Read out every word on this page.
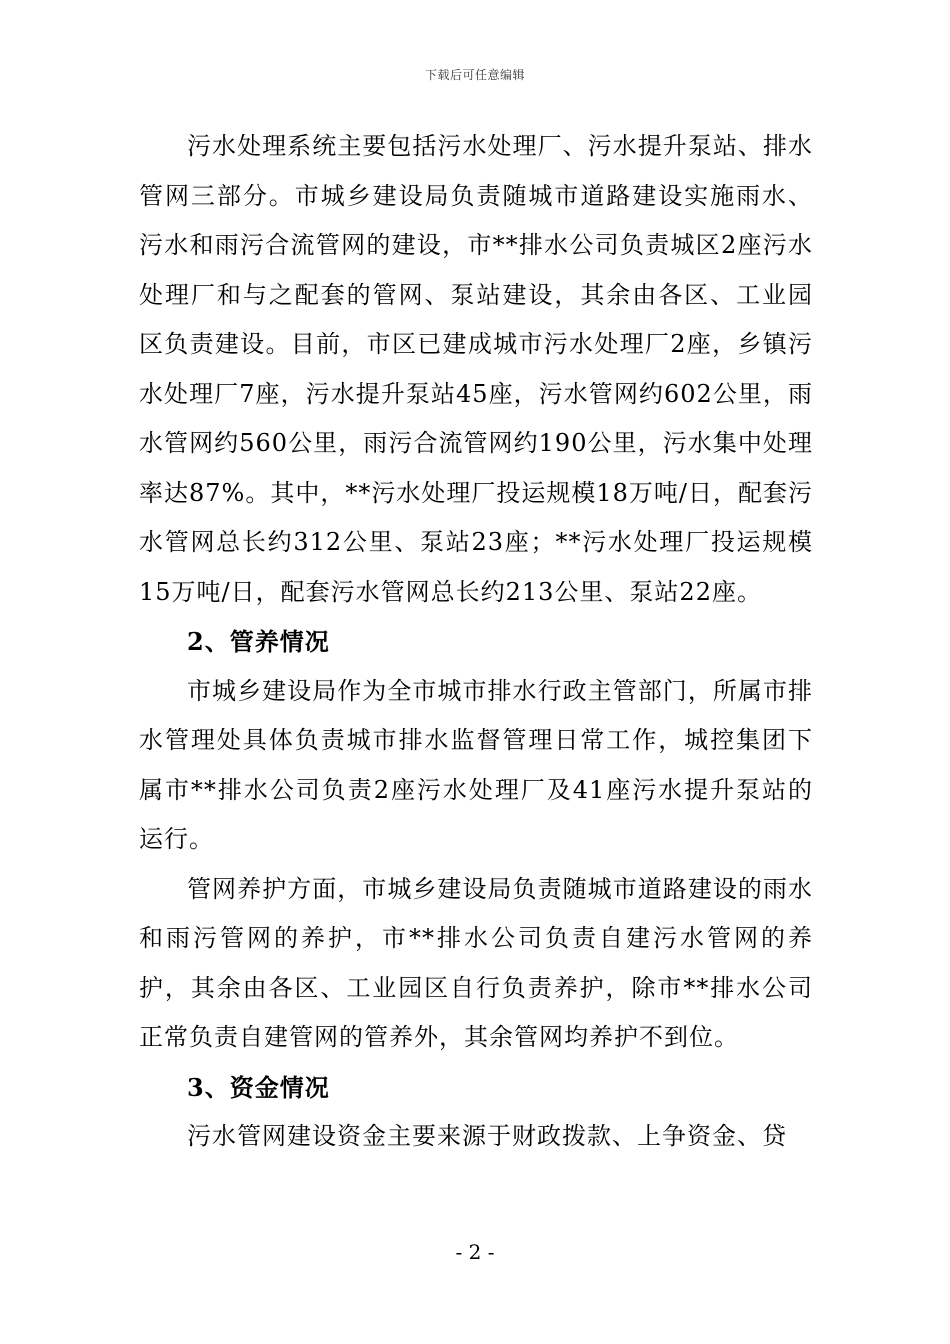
下载后可任意编辑

污水处理系统主要包括污水处理厂、污水提升泵站、排水管网三部分。市城乡建设局负责随城市道路建设实施雨水、污水和雨污合流管网的建设，市**排水公司负责城区2座污水处理厂和与之配套的管网、泵站建设，其余由各区、工业园区负责建设。目前，市区已建成城市污水处理厂2座，乡镇污水处理厂7座，污水提升泵站45座，污水管网约602公里，雨水管网约560公里，雨污合流管网约190公里，污水集中处理率达87%。其中，**污水处理厂投运规模18万吨/日，配套污水管网总长约312公里、泵站23座；**污水处理厂投运规模15万吨/日，配套污水管网总长约213公里、泵站22座。

2、管养情况

市城乡建设局作为全市城市排水行政主管部门，所属市排水管理处具体负责城市排水监督管理日常工作，城控集团下属市**排水公司负责2座污水处理厂及41座污水提升泵站的运行。

管网养护方面，市城乡建设局负责随城市道路建设的雨水和雨污管网的养护，市**排水公司负责自建污水管网的养护，其余由各区、工业园区自行负责养护，除市**排水公司正常负责自建管网的管养外，其余管网均养护不到位。

3、资金情况

污水管网建设资金主要来源于财政拨款、上争资金、贷

- 2 -
